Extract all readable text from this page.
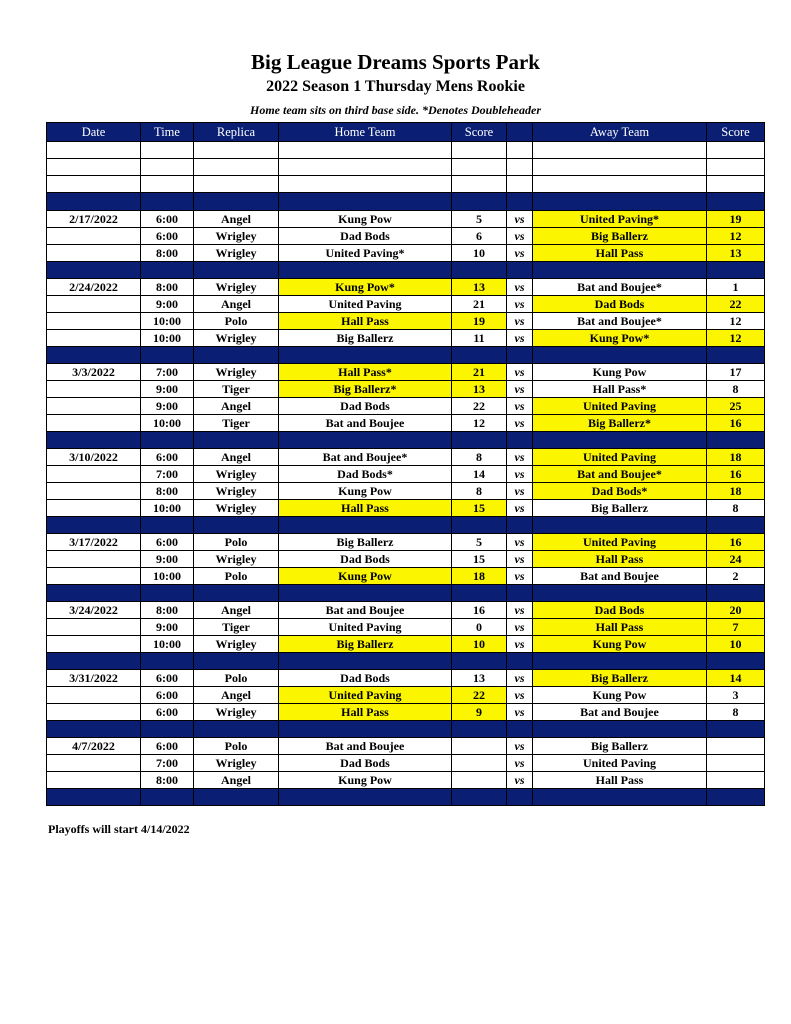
Big League Dreams Sports Park
2022 Season 1 Thursday Mens Rookie
Home team sits on third base side. *Denotes Doubleheader
Date	Time	Replica	Home Team	Score		Away Team	Score

2/17/2022	6:00	Angel	Kung Pow	5	vs	United Paving*	19
	6:00	Wrigley	Dad Bods	6	vs	Big Ballerz	12
	8:00	Wrigley	United Paving*	10	vs	Hall Pass	13

2/24/2022	8:00	Wrigley	Kung Pow*	13	vs	Bat and Boujee*	1
	9:00	Angel	United Paving	21	vs	Dad Bods	22
	10:00	Polo	Hall Pass	19	vs	Bat and Boujee*	12
	10:00	Wrigley	Big Ballerz	11	vs	Kung Pow*	12

3/3/2022	7:00	Wrigley	Hall Pass*	21	vs	Kung Pow	17
	9:00	Tiger	Big Ballerz*	13	vs	Hall Pass*	8
	9:00	Angel	Dad Bods	22	vs	United Paving	25
	10:00	Tiger	Bat and Boujee	12	vs	Big Ballerz*	16

3/10/2022	6:00	Angel	Bat and Boujee*	8	vs	United Paving	18
	7:00	Wrigley	Dad Bods*	14	vs	Bat and Boujee*	16
	8:00	Wrigley	Kung Pow	8	vs	Dad Bods*	18
	10:00	Wrigley	Hall Pass	15	vs	Big Ballerz	8

3/17/2022	6:00	Polo	Big Ballerz	5	vs	United Paving	16
	9:00	Wrigley	Dad Bods	15	vs	Hall Pass	24
	10:00	Polo	Kung Pow	18	vs	Bat and Boujee	2

3/24/2022	8:00	Angel	Bat and Boujee	16	vs	Dad Bods	20
	9:00	Tiger	United Paving	0	vs	Hall Pass	7
	10:00	Wrigley	Big Ballerz	10	vs	Kung Pow	10

3/31/2022	6:00	Polo	Dad Bods	13	vs	Big Ballerz	14
	6:00	Angel	United Paving	22	vs	Kung Pow	3
	6:00	Wrigley	Hall Pass	9	vs	Bat and Boujee	8

4/7/2022	6:00	Polo	Bat and Boujee		vs	Big Ballerz	
	7:00	Wrigley	Dad Bods		vs	United Paving	
	8:00	Angel	Kung Pow		vs	Hall Pass	

Playoffs will start 4/14/2022
